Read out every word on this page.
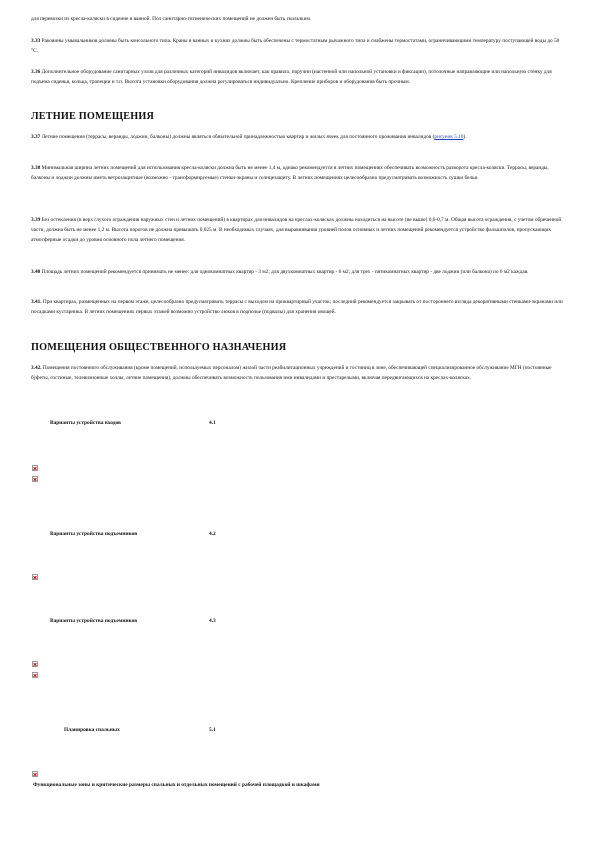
для перевозки из кресла-коляски в сидение в ванной. Пол санитарно-гигиенических помещений не должен быть скользким.

3.33 Раковины умывальников должны быть консольного типа. Краны в ванных и кухнях должны быть обеспечены с термостатным рычажного типа и снабжены термостатами, ограничивающими температуру поступающей воды до 50 °С.

3.36 Дополнительное оборудование санитарных узлов для различных категорий инвалидов включает, как правило, поручни (настенной или напольной установки и фиксации), потолочные направляющие или напольную стенку для подъема сиденья, кольца, трапеции и т.п. Высота установки оборудования должна регулироваться индивидуально. Крепление приборов и оборудования быть прочным.

ЛЕТНИЕ ПОМЕЩЕНИЯ

3.37 Летние помещения (террасы, веранды, лоджии, балконы) должны являться обязательной принадлежностью квартир и жилых ячеек для постоянного проживания инвалидов (рисунок 5.10).

3.38 Минимальная ширина летних помещений для использования кресла-коляски должна быть не менее 1,4 м, однако рекомендуется в летних помещениях обеспечивать возможность разворота кресла-коляски. Террасы, веранды, балконы и лоджии должны иметь ветрозащитные (возможно - трансформируемые) стенки-экраны и солнцезащиту. В летних помещениях целесообразно предусматривать возможность сушки белья.

3.39 Без остекления (в верх глухого ограждения наружных стен и летних помещений) в квартирах для инвалидов на креслах-колясках должны находиться на высоте (не выше) 0,6-0,7 м. Общая высота ограждения, с учетом обреченной части, должна быть не менее 1,2 м. Высота порогов не должна превышать 0,025 м. В необходимых случаях, для выравнивания уровней полов основных и летних помещений рекомендуется устройство фальшполов, пропускающих атмосферные осадки до уровня основного пола летнего помещения.

3.40 Площадь летних помещений рекомендуется принимать не менее: для однокомнатных квартир - 3 м2; для двухкомнатных квартир - 6 м2; для трех - пятикомнатных квартир - две лоджии (или балкона) по 6 м2 каждая.

3.41. При квартирах, размещенных на первом этаже, целесообразно предусматривать террасы с выходом на приквартирный участок; последний рекомендуется закрывать от постороннего взгляда декоративными стенками-экранами или посадками кустарника. В летних помещениях первых этажей возможно устройство люков в подполье (подвалы) для хранения овощей.

ПОМЕЩЕНИЯ ОБЩЕСТВЕННОГО НАЗНАЧЕНИЯ

3.42. Помещения постоянного обслуживания (кроме помещений, используемых персоналом) жилой части реабилитационных учреждений и гостиниц в зоне, обеспечивающей специализированное обслуживание МГН (постоянные буфеты, гостиные, телевизионные холлы, летние помещения), должны обеспечивать возможность пользования ими инвалидами и престарелыми, включая передвигающихся на креслах-колясках.

Варианты устройства входов	4.1
Варианты устройства подъемников	4.2
Варианты устройства подъемников	4.3
Планировка спальных	5.1
Функциональные зоны и критические размеры спальных и отдельных помещений с рабочей площадкой и шкафами
